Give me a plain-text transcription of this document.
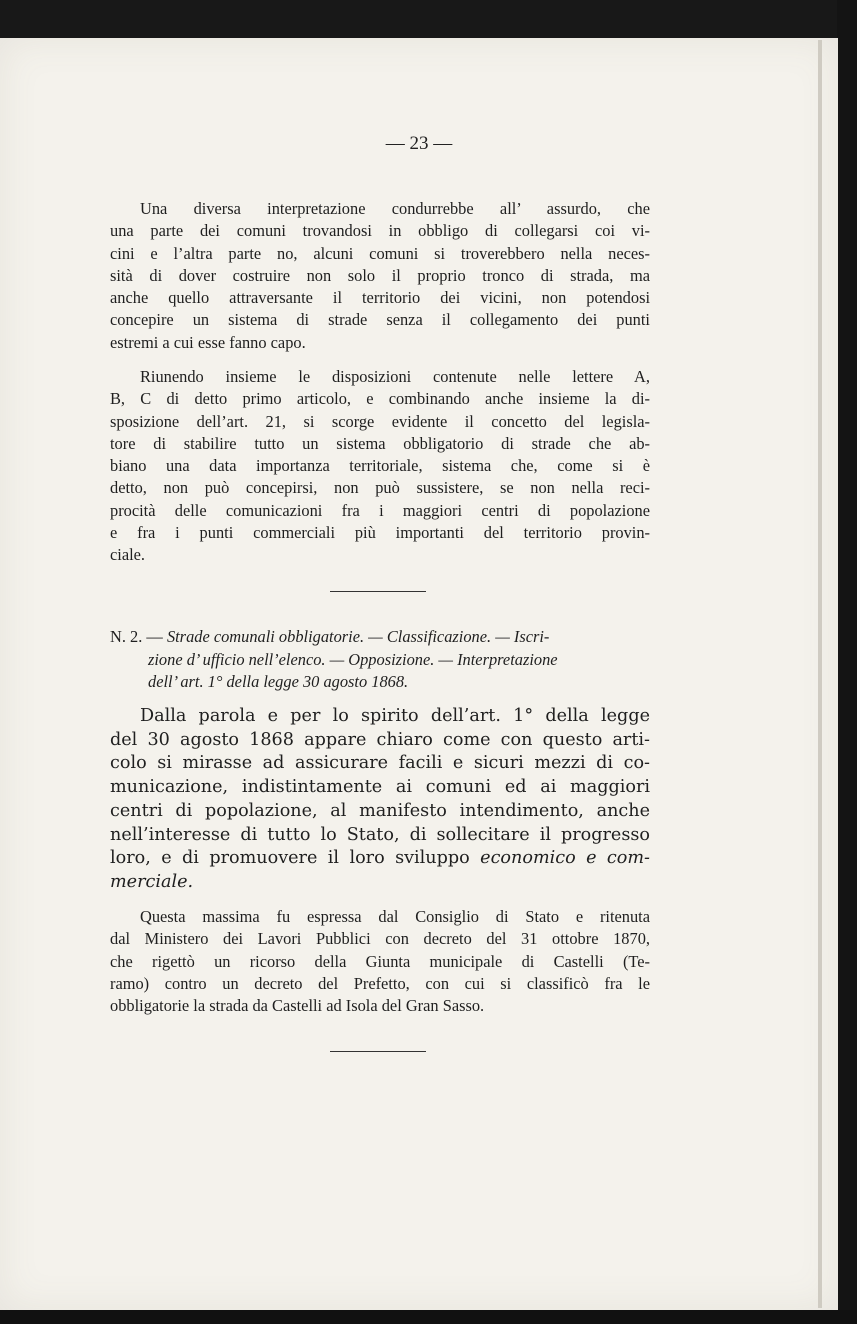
— 23 —
Una diversa interpretazione condurrebbe all’ assurdo, che
una parte dei comuni trovandosi in obbligo di collegarsi coi vi-
cini e l’altra parte no, alcuni comuni si troverebbero nella neces-
sità di dover costruire non solo il proprio tronco di strada, ma
anche quello attraversante il territorio dei vicini, non potendosi
concepire un sistema di strade senza il collegamento dei punti
estremi a cui esse fanno capo.
Riunendo insieme le disposizioni contenute nelle lettere A,
B, C di detto primo articolo, e combinando anche insieme la di-
sposizione dell’art. 21, si scorge evidente il concetto del legisla-
tore di stabilire tutto un sistema obbligatorio di strade che ab-
biano una data importanza territoriale, sistema che, come si è
detto, non può concepirsi, non può sussistere, se non nella reci-
procità delle comunicazioni fra i maggiori centri di popolazione
e fra i punti commerciali più importanti del territorio provin-
ciale.
N. 2. — Strade comunali obbligatorie. — Classificazione. — Iscri-
zione d’ ufficio nell’elenco. — Opposizione. — Interpretazione
dell’ art. 1° della legge 30 agosto 1868.
Dalla parola e per lo spirito dell’art. 1° della legge
del 30 agosto 1868 appare chiaro come con questo arti-
colo si mirasse ad assicurare facili e sicuri mezzi di co-
municazione, indistintamente ai comuni ed ai maggiori
centri di popolazione, al manifesto intendimento, anche
nell’interesse di tutto lo Stato, di sollecitare il progresso
loro, e di promuovere il loro sviluppo economico e com-
merciale.
Questa massima fu espressa dal Consiglio di Stato e ritenuta
dal Ministero dei Lavori Pubblici con decreto del 31 ottobre 1870,
che rigettò un ricorso della Giunta municipale di Castelli (Te-
ramo) contro un decreto del Prefetto, con cui si classificò fra le
obbligatorie la strada da Castelli ad Isola del Gran Sasso.
